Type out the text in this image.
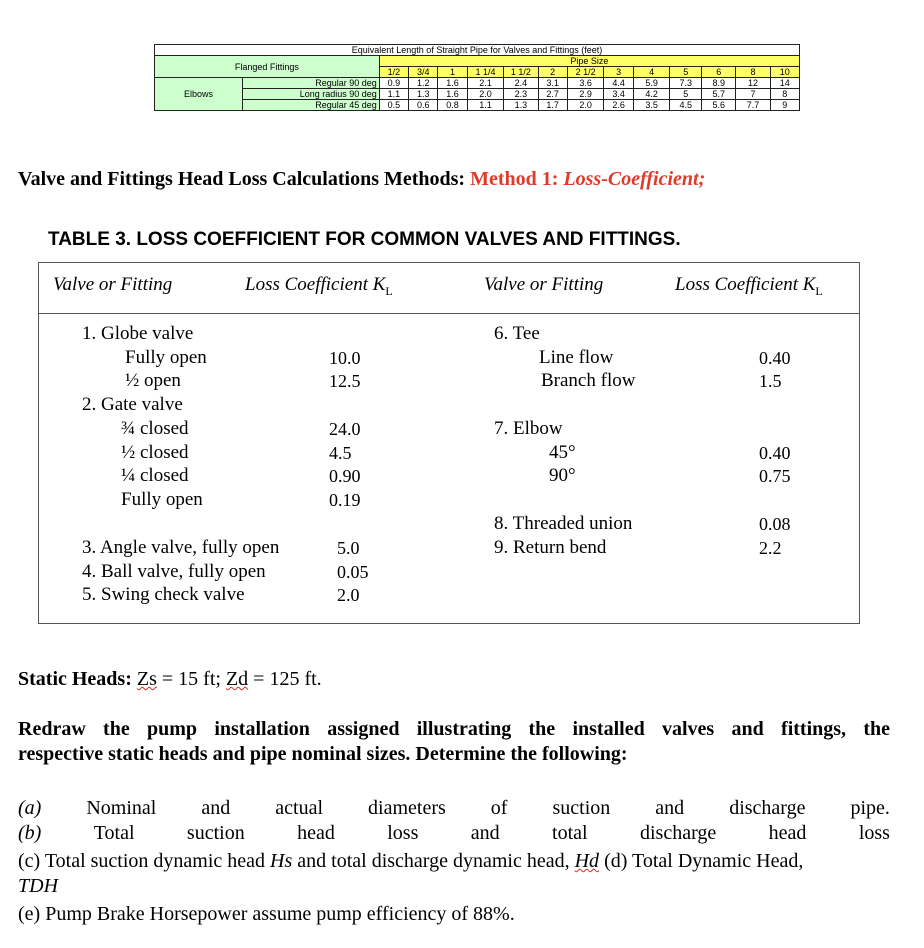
Equivalent Length of Straight Pipe for Valves and Fittings (feet)														
Flanged Fittings		Pipe Size												
		1/2	3/4	1	1 1/4	1 1/2	2	2 1/2	3	4	5	6	8	10
Elbows	Regular 90 deg	0.9	1.2	1.6	2.1	2.4	3.1	3.6	4.4	5.9	7.3	8.9	12	14
	Long radius 90 deg	1.1	1.3	1.6	2.0	2.3	2.7	2.9	3.4	4.2	5	5.7	7	8
	Regular 45 deg	0.5	0.6	0.8	1.1	1.3	1.7	2.0	2.6	3.5	4.5	5.6	7.7	9
Valve and Fittings Head Loss Calculations Methods: Method 1: Loss-Coefficient;
TABLE 3. LOSS COEFFICIENT FOR COMMON VALVES AND FITTINGS.
Valve or Fitting	Loss Coefficient $K_L$	Valve or Fitting	Loss Coefficient $K_L$
1. Globe valve
Fully open	10.0
½ open	12.5
2. Gate valve
¾ closed	24.0
½ closed	4.5
¼ closed	0.90
Fully open	0.19
3. Angle valve, fully open	5.0
4. Ball valve, fully open	0.05
5. Swing check valve	2.0
6. Tee
Line flow	0.40
Branch flow	1.5
7. Elbow
45°	0.40
90°	0.75
8. Threaded union	0.08
9. Return bend	2.2
Static Heads: Zs = 15 ft; Zd = 125 ft.
Redraw the pump installation assigned illustrating the installed valves and fittings, the
respective static heads and pipe nominal sizes. Determine the following:
(a) Nominal and actual diameters of suction and discharge pipe.
(b)	Total	suction	head	loss	and	total	discharge	head	loss
(c) Total suction dynamic head Hs and total discharge dynamic head, Hd (d) Total Dynamic Head,
TDH
(e) Pump Brake Horsepower assume pump efficiency of 88%.
